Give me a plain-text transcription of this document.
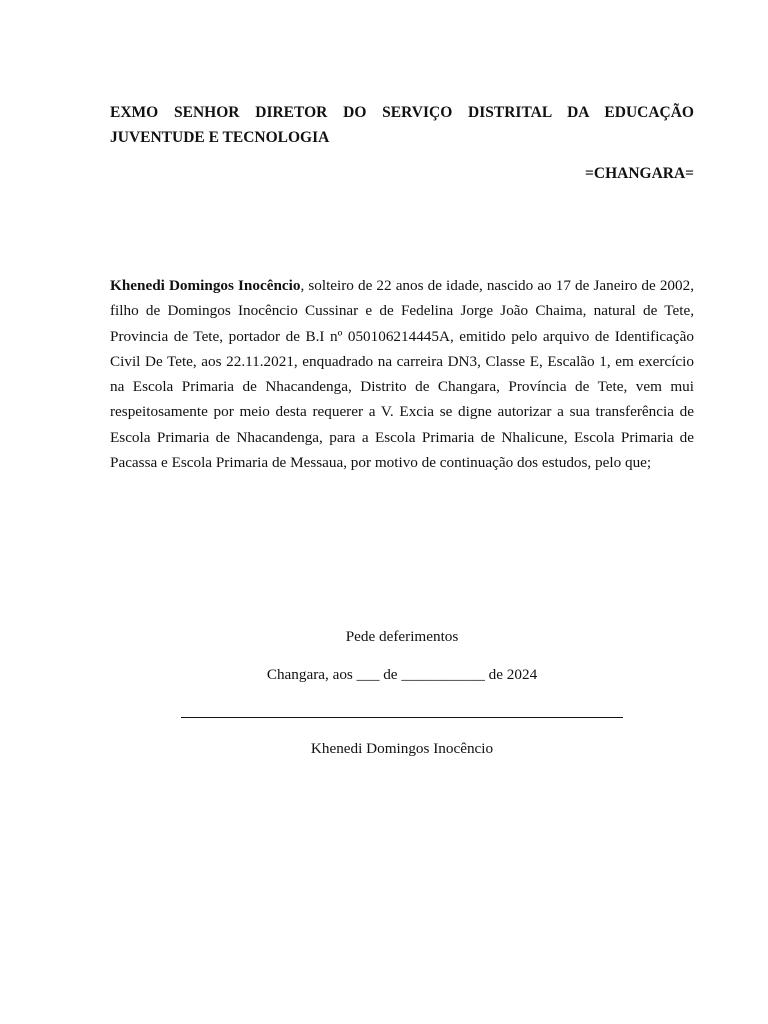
EXMO SENHOR DIRETOR DO SERVIÇO DISTRITAL DA EDUCAÇÃO
JUVENTUDE E TECNOLOGIA
=CHANGARA=
Khenedi Domingos Inocêncio, solteiro de 22 anos de idade, nascido ao 17 de Janeiro de 2002, filho de Domingos Inocêncio Cussinar e de Fedelina Jorge João Chaima, natural de Tete, Provincia de Tete, portador de B.I nº 050106214445A, emitido pelo arquivo de Identificação Civil De Tete, aos 22.11.2021, enquadrado na carreira DN3, Classe E, Escalão 1, em exercício na Escola Primaria de Nhacandenga, Distrito de Changara, Província de Tete, vem mui respeitosamente por meio desta requerer a V. Excia se digne autorizar a sua transferência de Escola Primaria de Nhacandenga, para a Escola Primaria de Nhalicune, Escola Primaria de Pacassa e Escola Primaria de Messaua, por motivo de continuação dos estudos, pelo que;
Pede deferimentos
Changara, aos ___ de ___________ de 2024
Khenedi Domingos Inocêncio
